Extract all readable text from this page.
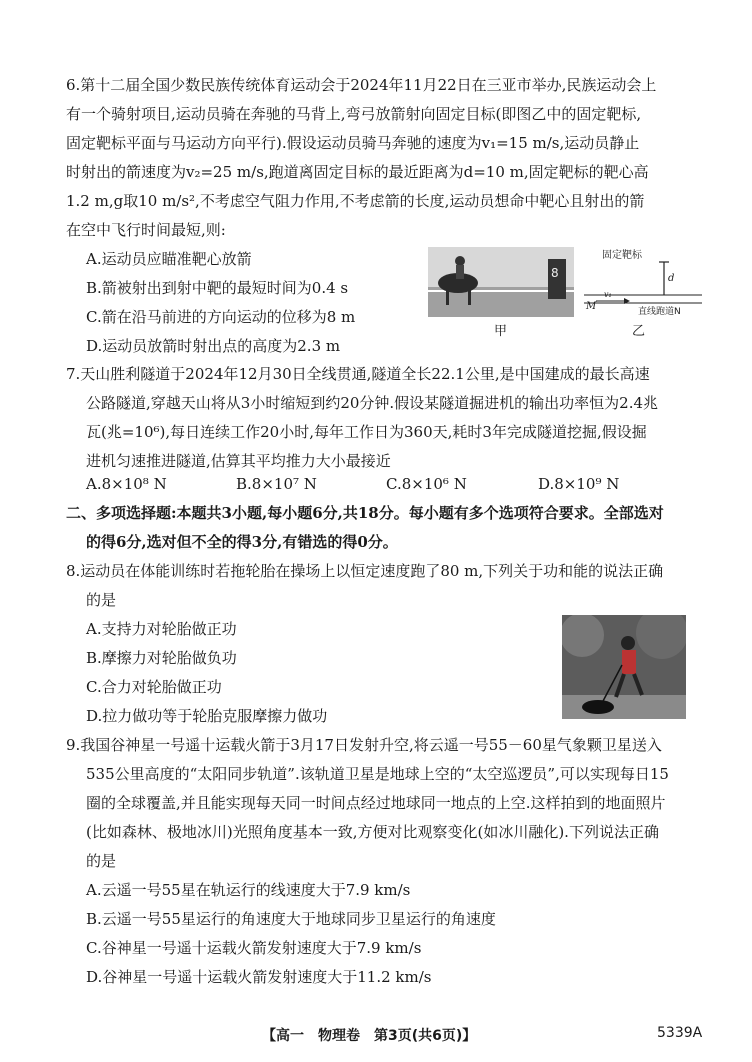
6.第十二届全国少数民族传统体育运动会于2024年11月22日在三亚市举办,民族运动会上
有一个骑射项目,运动员骑在奔驰的马背上,弯弓放箭射向固定目标(即图乙中的固定靶标,
固定靶标平面与马运动方向平行).假设运动员骑马奔驰的速度为v₁=15 m/s,运动员静止
时射出的箭速度为v₂=25 m/s,跑道离固定目标的最近距离为d=10 m,固定靶标的靶心高
1.2 m,g取10 m/s²,不考虑空气阻力作用,不考虑箭的长度,运动员想命中靶心且射出的箭
在空中飞行时间最短,则:
A.运动员应瞄准靶心放箭
B.箭被射出到射中靶的最短时间为0.4 s
C.箭在沿马前进的方向运动的位移为8 m
D.运动员放箭时射出点的高度为2.3 m
8
甲
固定靶标
d
M
v₁
直线跑道N
乙
7.天山胜利隧道于2024年12月30日全线贯通,隧道全长22.1公里,是中国建成的最长高速
公路隧道,穿越天山将从3小时缩短到约20分钟.假设某隧道掘进机的输出功率恒为2.4兆
瓦(兆=10⁶),每日连续工作20小时,每年工作日为360天,耗时3年完成隧道挖掘,假设掘
进机匀速推进隧道,估算其平均推力大小最接近
A.8×10⁸ N	B.8×10⁷ N	C.8×10⁶ N	D.8×10⁹ N
二、多项选择题:本题共3小题,每小题6分,共18分。每小题有多个选项符合要求。全部选对
的得6分,选对但不全的得3分,有错选的得0分。
8.运动员在体能训练时若拖轮胎在操场上以恒定速度跑了80 m,下列关于功和能的说法正确
的是
A.支持力对轮胎做正功
B.摩擦力对轮胎做负功
C.合力对轮胎做正功
D.拉力做功等于轮胎克服摩擦力做功
9.我国谷神星一号遥十运载火箭于3月17日发射升空,将云遥一号55－60星气象颗卫星送入
535公里高度的“太阳同步轨道”.该轨道卫星是地球上空的“太空巡逻员”,可以实现每日15
圈的全球覆盖,并且能实现每天同一时间点经过地球同一地点的上空.这样拍到的地面照片
(比如森林、极地冰川)光照角度基本一致,方便对比观察变化(如冰川融化).下列说法正确
的是
A.云遥一号55星在轨运行的线速度大于7.9 km/s
B.云遥一号55星运行的角速度大于地球同步卫星运行的角速度
C.谷神星一号遥十运载火箭发射速度大于7.9 km/s
D.谷神星一号遥十运载火箭发射速度大于11.2 km/s
【高一　物理卷　第3页(共6页)】	5339A
